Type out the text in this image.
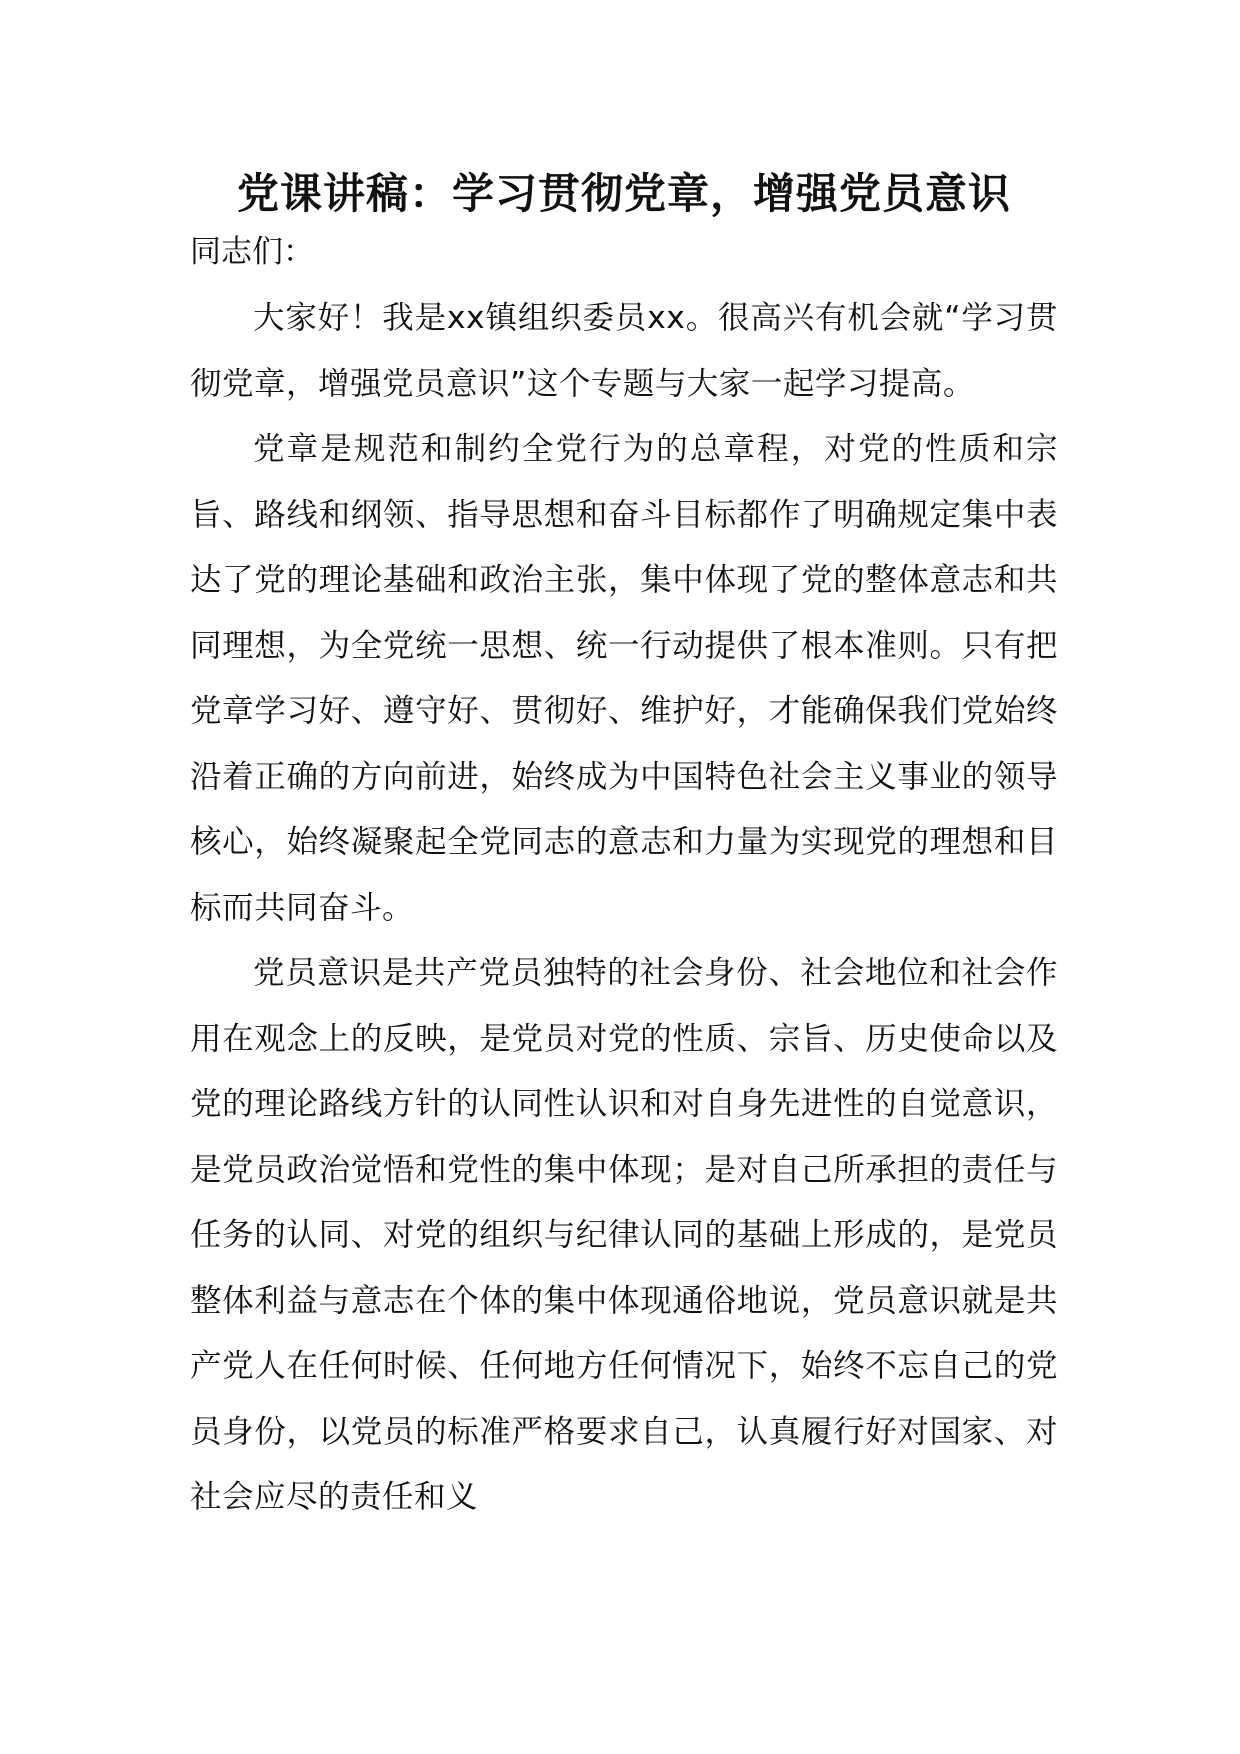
党课讲稿：学习贯彻党章，增强党员意识

同志们：

大家好！我是xx镇组织委员xx。很高兴有机会就“学习贯彻党章，增强党员意识”这个专题与大家一起学习提高。

党章是规范和制约全党行为的总章程，对党的性质和宗旨、路线和纲领、指导思想和奋斗目标都作了明确规定集中表达了党的理论基础和政治主张，集中体现了党的整体意志和共同理想，为全党统一思想、统一行动提供了根本准则。只有把党章学习好、遵守好、贯彻好、维护好，才能确保我们党始终沿着正确的方向前进，始终成为中国特色社会主义事业的领导核心，始终凝聚起全党同志的意志和力量为实现党的理想和目标而共同奋斗。

党员意识是共产党员独特的社会身份、社会地位和社会作用在观念上的反映，是党员对党的性质、宗旨、历史使命以及党的理论路线方针的认同性认识和对自身先进性的自觉意识，是党员政治觉悟和党性的集中体现；是对自己所承担的责任与任务的认同、对党的组织与纪律认同的基础上形成的，是党员整体利益与意志在个体的集中体现通俗地说，党员意识就是共产党人在任何时候、任何地方任何情况下，始终不忘自己的党员身份，以党员的标准严格要求自己，认真履行好对国家、对社会应尽的责任和义
